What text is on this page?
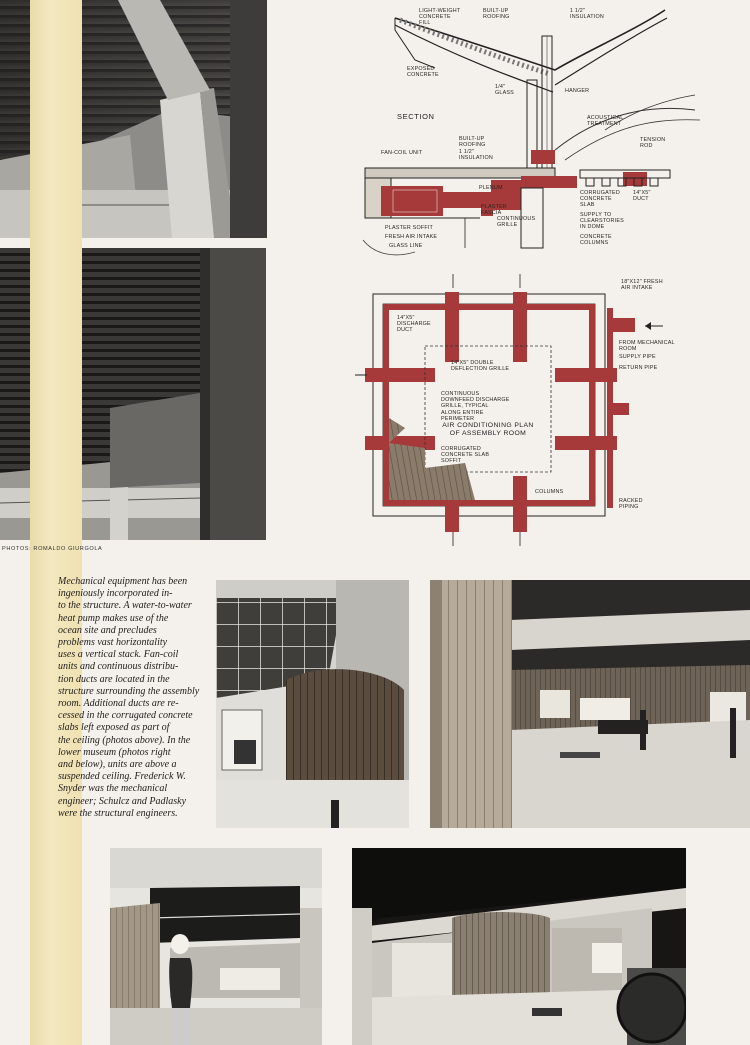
PHOTOS: ROMALDO GIURGOLA
LIGHT-WEIGHT
CONCRETE
FILL
BUILT-UP
ROOFING
1 1/2"
INSULATION
EXPOSED
CONCRETE
1/4"
GLASS	HANGER
SECTION	ACOUSTICAL
TREATMENT
BUILT-UP
ROOFING
TENSION
ROD
FAN-COIL UNIT	1 1/2"
INSULATION
PLENUM
CORRUGATED
CONCRETE
SLAB
14"X5"
DUCT
PLASTER
FASCIA
CONTINUOUS
GRILLE
SUPPLY TO
CLEARSTORIES
IN DOME
PLASTER SOFFIT
FRESH AIR INTAKE	CONCRETE
COLUMNS
GLASS LINE
18"X12" FRESH
AIR INTAKE
14"X5"
DISCHARGE
DUCT
14"X5" DOUBLE
DEFLECTION GRILLE
FROM MECHANICAL
ROOM
SUPPLY PIPE
RETURN PIPE
CONTINUOUS
DOWNFEED DISCHARGE
GRILLE, TYPICAL
ALONG ENTIRE
PERIMETER
AIR CONDITIONING PLAN
OF ASSEMBLY ROOM
CORRUGATED
CONCRETE SLAB
SOFFIT
COLUMNS
RACKED
PIPING
Mechanical equipment has been
ingeniously incorporated in-
to the structure. A water-to-water
heat pump makes use of the
ocean site and precludes
problems vast horizontality
uses a vertical stack. Fan-coil
units and continuous distribu-
tion ducts are located in the
structure surrounding the assembly
room. Additional ducts are re-
cessed in the corrugated concrete
slabs left exposed as part of
the ceiling (photos above). In the
lower museum (photos right
and below), units are above a
suspended ceiling. Frederick W.
Snyder was the mechanical
engineer; Schulcz and Padlasky
were the structural engineers.
